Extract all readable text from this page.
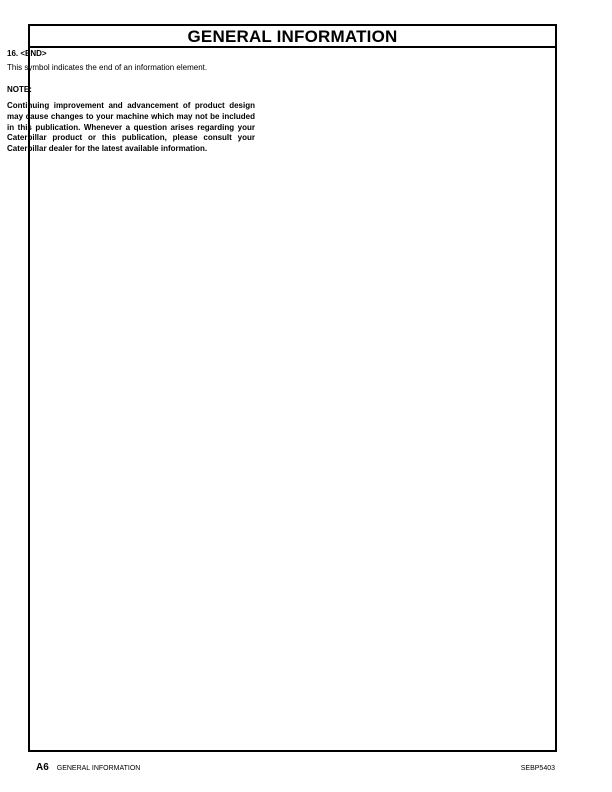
GENERAL INFORMATION

16. <END>

This symbol indicates the end of an information element.

NOTE:

Continuing improvement and advancement of product design may cause changes to your machine which may not be included in this publication. Whenever a question arises regarding your Caterpillar product or this publication, please consult your Caterpillar dealer for the latest available information.

A6 GENERAL INFORMATION	SEBP5403
